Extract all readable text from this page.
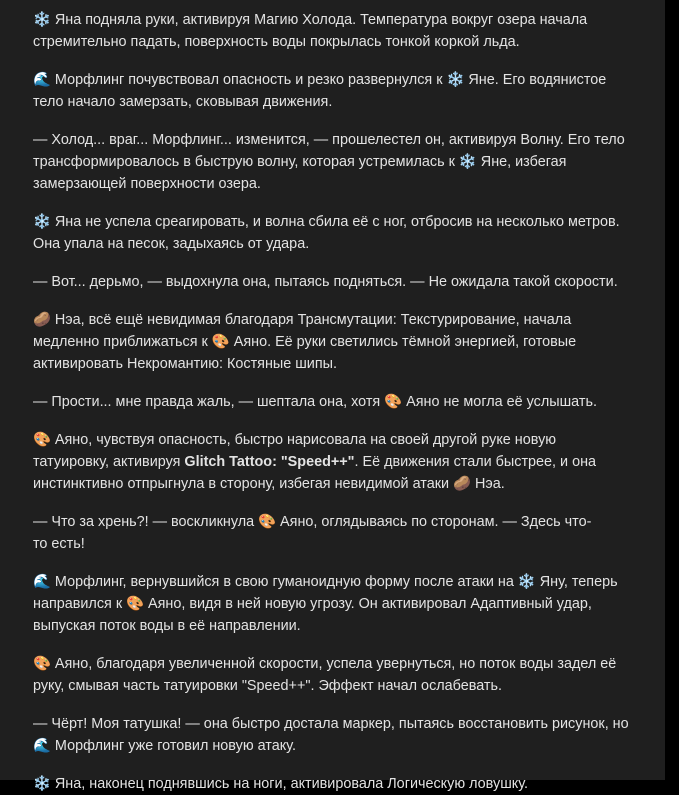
❄️ Яна подняла руки, активируя Магию Холода. Температура вокруг озера начала
стремительно падать, поверхность воды покрылась тонкой коркой льда.

🌊 Морфлинг почувствовал опасность и резко развернулся к ❄️ Яне. Его водянистое
тело начало замерзать, сковывая движения.

— Холод... враг... Морфлинг... изменится, — прошелестел он, активируя Волну. Его тело
трансформировалось в быструю волну, которая устремилась к ❄️ Яне, избегая
замерзающей поверхности озера.

❄️ Яна не успела среагировать, и волна сбила её с ног, отбросив на несколько метров.
Она упала на песок, задыхаясь от удара.

— Вот... дерьмо, — выдохнула она, пытаясь подняться. — Не ожидала такой скорости.

🥔 Нэа, всё ещё невидимая благодаря Трансмутации: Текстурирование, начала
медленно приближаться к 🎨 Аяно. Её руки светились тёмной энергией, готовые
активировать Некромантию: Костяные шипы.

— Прости... мне правда жаль, — шептала она, хотя 🎨 Аяно не могла её услышать.

🎨 Аяно, чувствуя опасность, быстро нарисовала на своей другой руке новую
татуировку, активируя Glitch Tattoo: "Speed++". Её движения стали быстрее, и она
инстинктивно отпрыгнула в сторону, избегая невидимой атаки 🥔 Нэа.

— Что за хрень?! — воскликнула 🎨 Аяно, оглядываясь по сторонам. — Здесь что-
то есть!

🌊 Морфлинг, вернувшийся в свою гуманоидную форму после атаки на ❄️ Яну, теперь
направился к 🎨 Аяно, видя в ней новую угрозу. Он активировал Адаптивный удар,
выпуская поток воды в её направлении.

🎨 Аяно, благодаря увеличенной скорости, успела увернуться, но поток воды задел её
руку, смывая часть татуировки "Speed++". Эффект начал ослабевать.

— Чёрт! Моя татушка! — она быстро достала маркер, пытаясь восстановить рисунок, но
🌊 Морфлинг уже готовил новую атаку.

❄️ Яна, наконец поднявшись на ноги, активировала Логическую ловушку.
